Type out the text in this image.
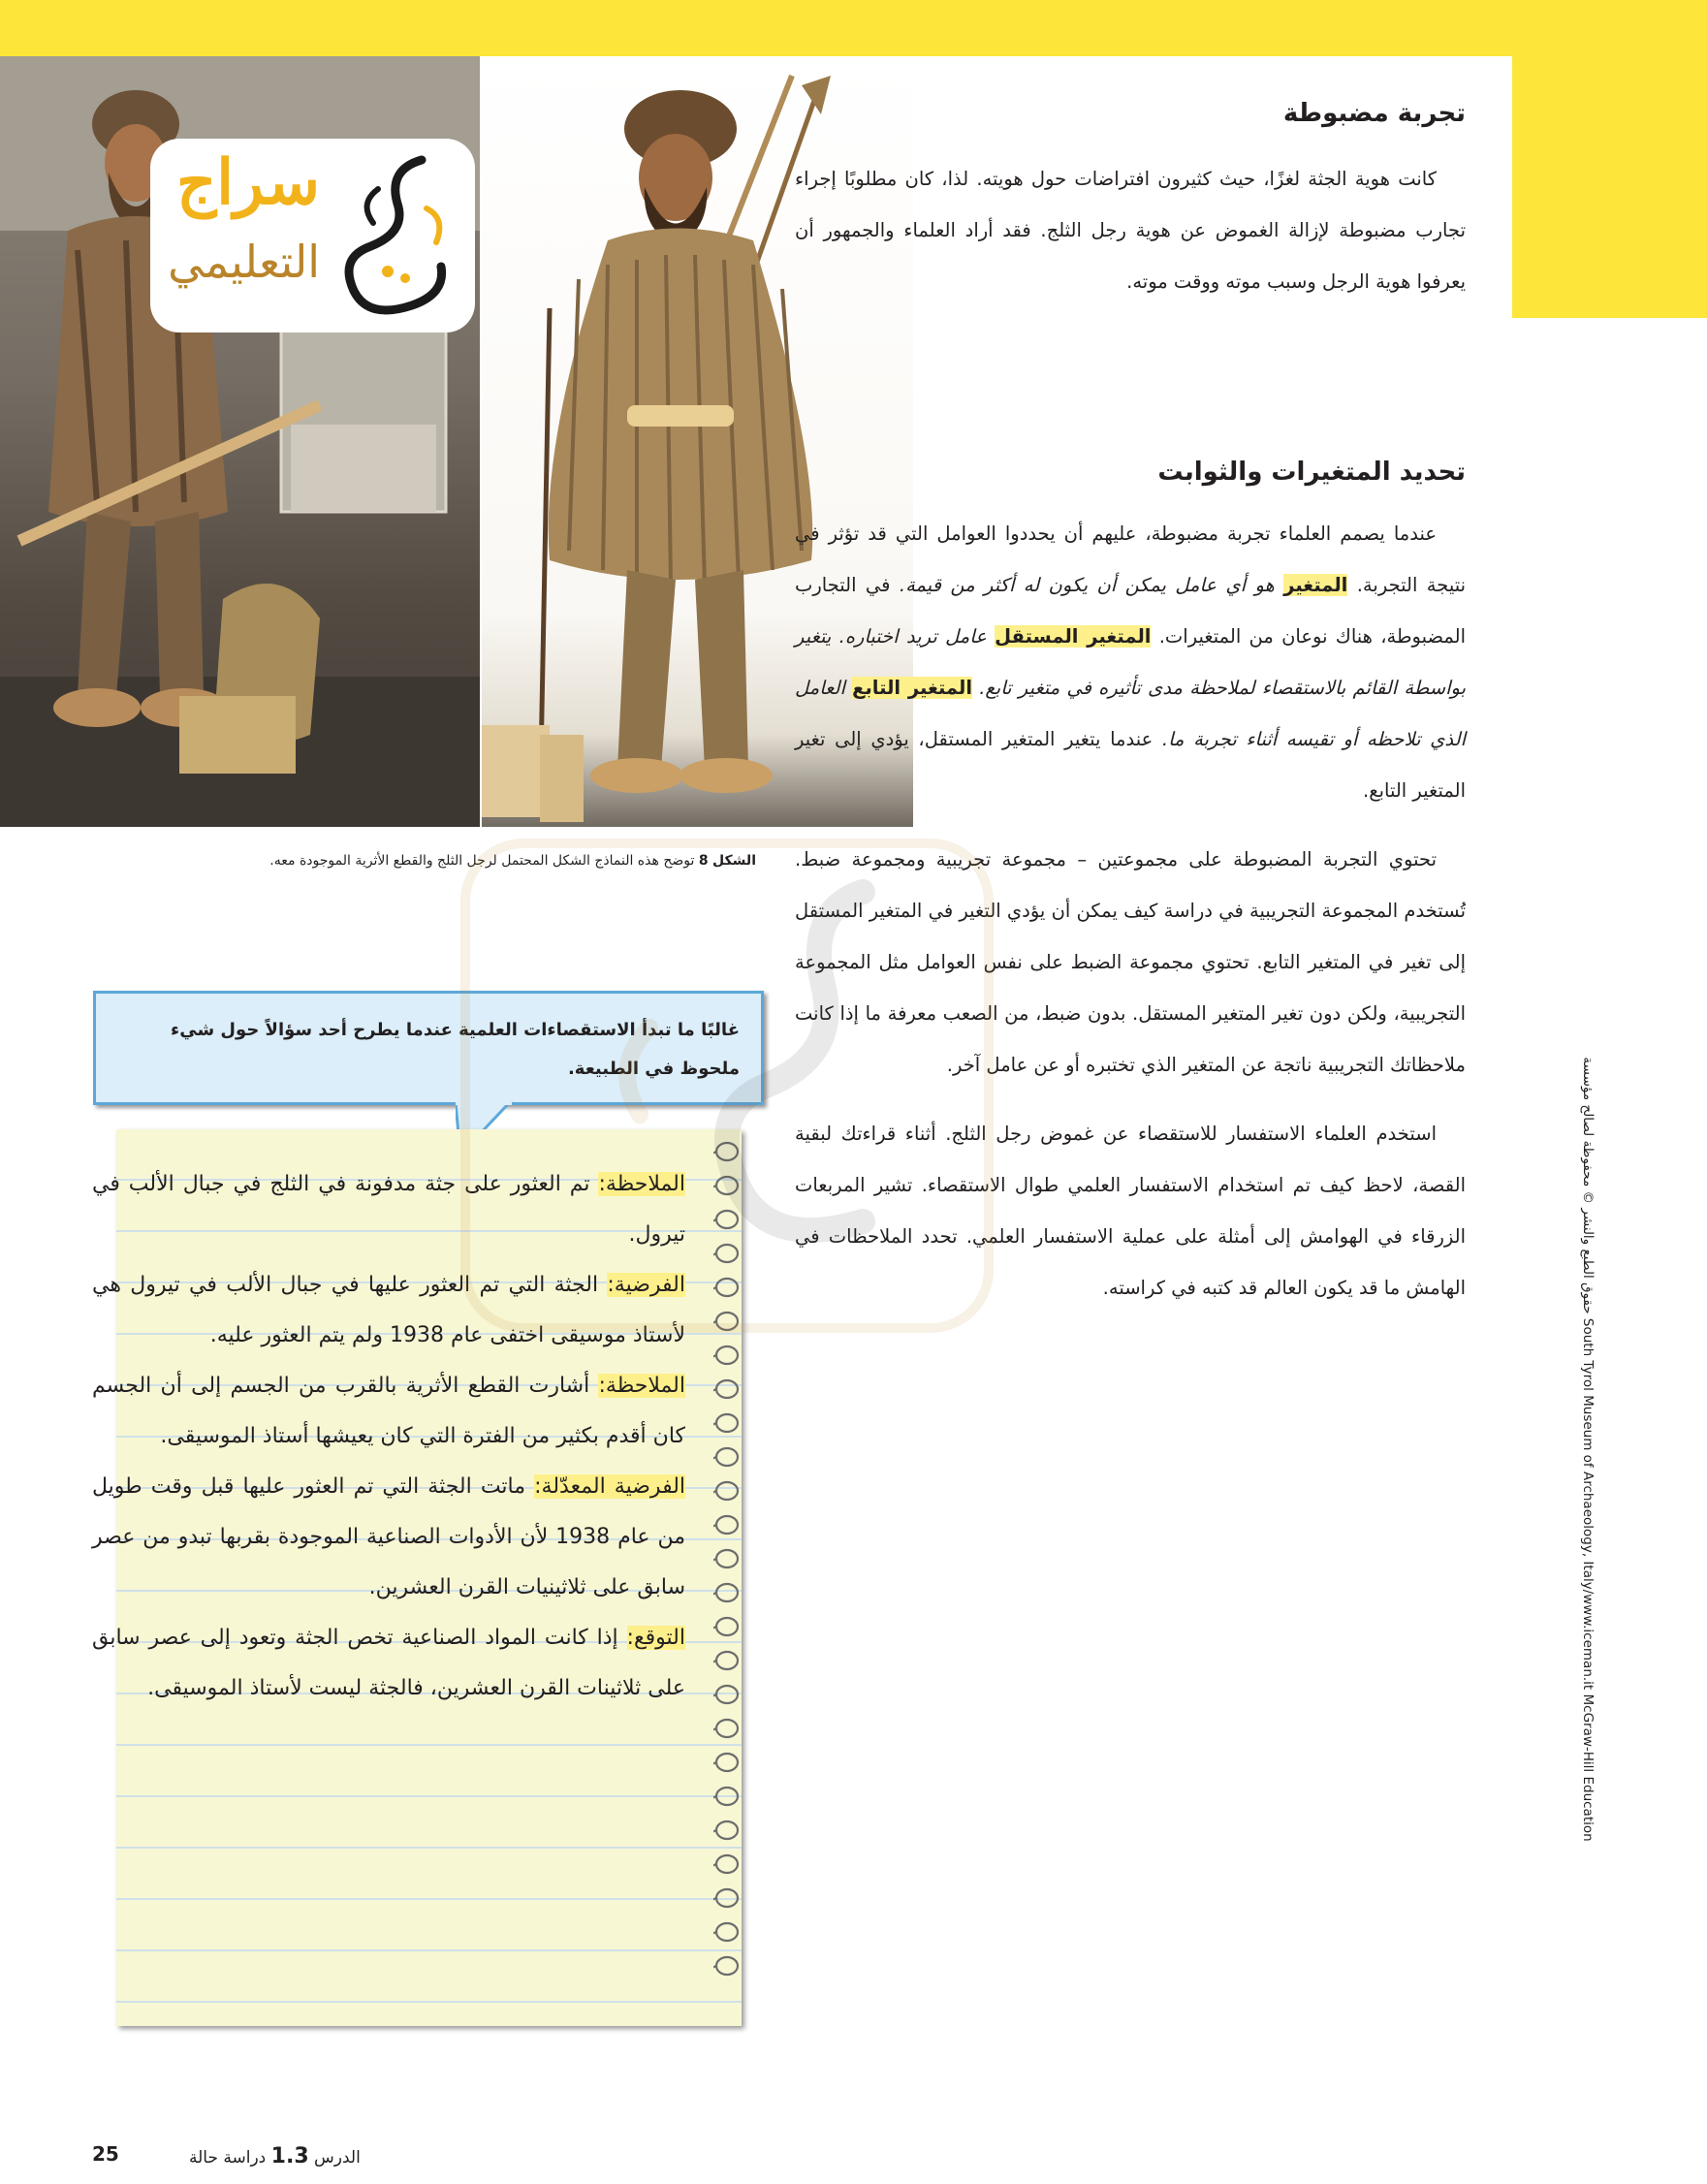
سراج
التعليمي
الشكل 8 توضح هذه النماذج الشكل المحتمل لرجل الثلج والقطع الأثرية الموجودة معه.
تجربة مضبوطة

كانت هوية الجثة لغزًا، حيث كثيرون افتراضات حول هويته. لذا، كان مطلوبًا إجراء تجارب مضبوطة لإزالة الغموض عن هوية رجل الثلج. فقد أراد العلماء والجمهور أن يعرفوا هوية الرجل وسبب موته ووقت موته.

تحديد المتغيرات والثوابت

عندما يصمم العلماء تجربة مضبوطة، عليهم أن يحددوا العوامل التي قد تؤثر في نتيجة التجربة. المتغير هو أي عامل يمكن أن يكون له أكثر من قيمة. في التجارب المضبوطة، هناك نوعان من المتغيرات. المتغير المستقل عامل تريد اختباره. يتغير بواسطة القائم بالاستقصاء لملاحظة مدى تأثيره في متغير تابع. المتغير التابع العامل الذي تلاحظه أو تقيسه أثناء تجربة ما. عندما يتغير المتغير المستقل، يؤدي إلى تغير المتغير التابع.

تحتوي التجربة المضبوطة على مجموعتين – مجموعة تجريبية ومجموعة ضبط. تُستخدم المجموعة التجريبية في دراسة كيف يمكن أن يؤدي التغير في المتغير المستقل إلى تغير في المتغير التابع. تحتوي مجموعة الضبط على نفس العوامل مثل المجموعة التجريبية، ولكن دون تغير المتغير المستقل. بدون ضبط، من الصعب معرفة ما إذا كانت ملاحظاتك التجريبية ناتجة عن المتغير الذي تختبره أو عن عامل آخر.

استخدم العلماء الاستفسار للاستقصاء عن غموض رجل الثلج. أثناء قراءتك لبقية القصة، لاحظ كيف تم استخدام الاستفسار العلمي طوال الاستقصاء. تشير المربعات الزرقاء في الهوامش إلى أمثلة على عملية الاستفسار العلمي. تحدد الملاحظات في الهامش ما قد يكون العالم قد كتبه في كراسته.

غالبًا ما تبدأ الاستقصاءات العلمية عندما يطرح أحد سؤالاً حول شيء ملحوظ في الطبيعة.

الملاحظة: تم العثور على جثة مدفونة في الثلج في جبال الألب في تيرول.

الفرضية: الجثة التي تم العثور عليها في جبال الألب في تيرول هي لأستاذ موسيقى اختفى عام 1938 ولم يتم العثور عليه.

الملاحظة: أشارت القطع الأثرية بالقرب من الجسم إلى أن الجسم كان أقدم بكثير من الفترة التي كان يعيشها أستاذ الموسيقى.

الفرضية المعدّلة: ماتت الجثة التي تم العثور عليها قبل وقت طويل من عام 1938 لأن الأدوات الصناعية الموجودة بقربها تبدو من عصر سابق على ثلاثينيات القرن العشرين.

التوقع: إذا كانت المواد الصناعية تخص الجثة وتعود إلى عصر سابق على ثلاثينات القرن العشرين، فالجثة ليست لأستاذ الموسيقى.

South Tyrol Museum of Archaeology, Italy/www.iceman.it McGraw-Hill Education حقوق الطبع والنشر © محفوظة لصالح مؤسسة
25	الدرس 1.3 دراسة حالة
